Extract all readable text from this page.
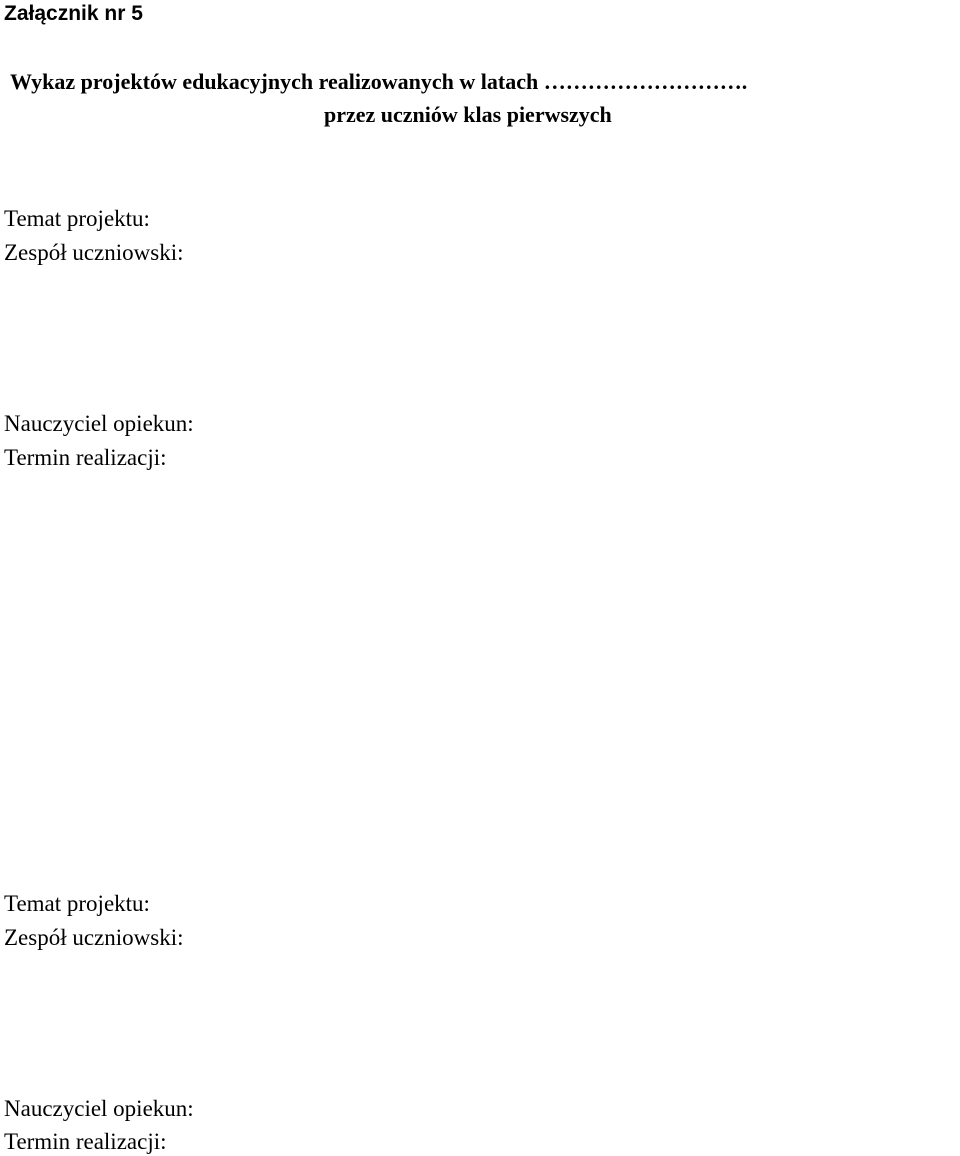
Załącznik nr 5
Wykaz projektów edukacyjnych realizowanych w latach ……………………….
przez uczniów klas pierwszych
Temat projektu:
Zespół uczniowski:
Nauczyciel opiekun:
Termin realizacji:
Temat projektu:
Zespół uczniowski:
Nauczyciel opiekun:
Termin realizacji:
